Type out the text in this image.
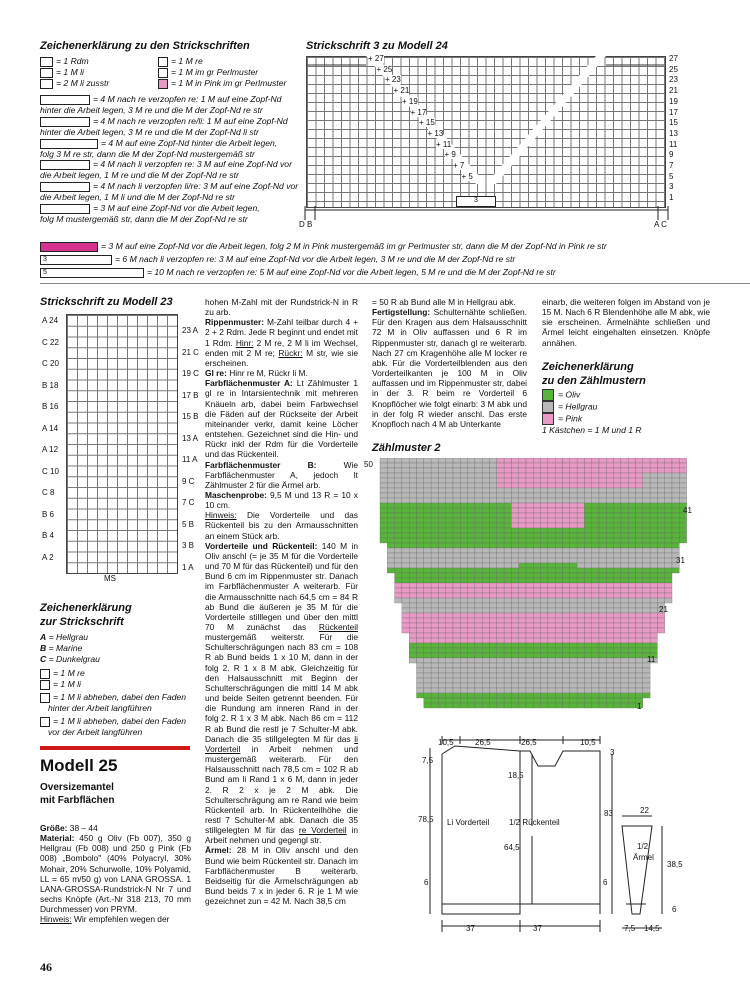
Zeichenerklärung zu den Strickschriften
= 1 Rdm
= 1 M li
= 2 M li zusstr
= 1 M re
= 1 M im gr Perlmuster
= 1 M in Pink im gr Perlmuster
= 4 M nach re verzopfen re: 1 M auf eine Zopf-Nd
hinter die Arbeit legen, 3 M re und die M der Zopf-Nd re str
= 4 M nach re verzopfen re/li: 1 M auf eine Zopf-Nd
hinter die Arbeit legen, 3 M re und die M der Zopf-Nd li str
= 4 M auf eine Zopf-Nd hinter die Arbeit legen,
folg 3 M re str, dann die M der Zopf-Nd mustergemäß str
= 4 M nach li verzopfen re: 3 M auf eine Zopf-Nd vor
die Arbeit legen, 1 M re und die M der Zopf-Nd re str
= 4 M nach li verzopfen li/re: 3 M auf eine Zopf-Nd vor
die Arbeit legen, 1 M li und die M der Zopf-Nd re str
= 3 M auf eine Zopf-Nd vor die Arbeit legen,
folg M mustergemäß str, dann die M der Zopf-Nd re str
= 3 M auf eine Zopf-Nd vor die Arbeit legen, folg 2 M in Pink mustergemäß im gr Perlmuster str, dann die M der Zopf-Nd in Pink re str
3	= 6 M nach li verzopfen re: 3 M auf eine Zopf-Nd vor die Arbeit legen, 3 M re und die M der Zopf-Nd re str
5	= 10 M nach re verzopfen re: 5 M auf eine Zopf-Nd vor die Arbeit legen, 5 M re und die M der Zopf-Nd re str
Strickschrift 3 zu Modell 24
+ 27
+ 25
+ 23
+ 21
+ 19
+ 17
+ 15
+ 13
+ 11
+ 9
+ 7
+ 5
3
27
25
23
21
19
17
15
13
11
9
7
5
3
1
D B	A C
Strickschrift zu Modell 23
A 24
C 22
C 20
B 18
B 16
A 14
A 12
C 10
C 8
B 6
B 4
A 2
23 A
21 C
19 C
17 B
15 B
13 A
11 A
9 C
7 C
5 B
3 B
1 A
MS
Zeichenerklärung
zur Strickschrift
A = Hellgrau
B = Marine
C = Dunkelgrau
= 1 M re
= 1 M li
= 1 M li abheben, dabei den Faden
hinter der Arbeit langführen
= 1 M li abheben, dabei den Faden
vor der Arbeit langführen
Modell 25
Oversizemantel
mit Farbflächen
Größe: 38 – 44
Material: 450 g Oliv (Fb 007), 350 g Hellgrau (Fb 008) und 250 g Pink (Fb 008) „Bombolo" (40% Polyacryl, 30% Mohair, 20% Schurwolle, 10% Polyamid, LL = 65 m/50 g) von LANA GROSSA. 1 LANA-GROSSA-Rundstrick-N Nr 7 und sechs Knöpfe (Art.-Nr 318 213, 70 mm Durchmesser) von PRYM.
Hinweis: Wir empfehlen wegen der
hohen M-Zahl mit der Rundstrick-N in R zu arb.
Rippenmuster: M-Zahl teilbar durch 4 + 2 + 2 Rdm. Jede R beginnt und endet mit 1 Rdm. Hinr: 2 M re, 2 M li im Wechsel, enden mit 2 M re; Rückr: M str, wie sie erscheinen.
Gl re: Hinr re M, Rückr li M.
Farbflächenmuster A: Lt Zählmuster 1 gl re in Intarsientechnik mit mehreren Knäueln arb, dabei beim Farbwechsel die Fäden auf der Rückseite der Arbeit miteinander verkr, damit keine Löcher entstehen. Gezeichnet sind die Hin- und Rückr inkl der Rdm für die Vorderteile und das Rückenteil.
Farbflächenmuster B: Wie Farbflächenmuster A, jedoch lt Zählmuster 2 für die Ärmel arb.
Maschenprobe: 9,5 M und 13 R = 10 x 10 cm.
Hinweis: Die Vorderteile und das Rückenteil bis zu den Armausschnitten an einem Stück arb.
Vorderteile und Rückenteil: 140 M in Oliv anschl (= je 35 M für die Vorderteile und 70 M für das Rückenteil) und für den Bund 6 cm im Rippenmuster str. Danach im Farbflächenmuster A weiterarb. Für die Armausschnitte nach 64,5 cm = 84 R ab Bund die äußeren je 35 M für die Vorderteile stilllegen und über den mittl 70 M zunächst das Rückenteil mustergemäß weiterstr. Für die Schulterschrägungen nach 83 cm = 108 R ab Bund beids 1 x 10 M, dann in der folg 2. R 1 x 8 M abk. Gleichzeitig für den Halsausschnitt mit Beginn der Schulterschrägungen die mittl 14 M abk und beide Seiten getrennt beenden. Für die Rundung am inneren Rand in der folg 2. R 1 x 3 M abk. Nach 86 cm = 112 R ab Bund die restl je 7 Schulter-M abk. Danach die 35 stillgelegten M für das li Vorderteil in Arbeit nehmen und mustergemäß weiterarb. Für den Halsausschnitt nach 78,5 cm = 102 R ab Bund am li Rand 1 x 6 M, dann in jeder 2. R 2 x je 2 M abk. Die Schulterschrägung am re Rand wie beim Rückenteil arb. In Rückenteilhöhe die restl 7 Schulter-M abk. Danach die 35 stillgelegten M für das re Vorderteil in Arbeit nehmen und gegengl str.
Ärmel: 28 M in Oliv anschl und den Bund wie beim Rückenteil str. Danach im Farbflächenmuster B weiterarb. Beidseitig für die Ärmelschrägungen ab Bund beids 7 x in jeder 6. R je 1 M wie gezeichnet zun = 42 M. Nach 38,5 cm
= 50 R ab Bund alle M in Hellgrau abk.
Fertigstellung: Schulternähte schließen. Für den Kragen aus dem Halsausschnitt 72 M in Oliv auffassen und 6 R im Rippenmuster str, danach gl re weiterarb. Nach 27 cm Kragenhöhe alle M locker re abk. Für die Vorderteilblenden aus den Vorderteilkanten je 100 M in Oliv auffassen und im Rippenmuster str, dabei in der 3. R beim re Vorderteil 6 Knopflöcher wie folgt einarb: 3 M abk und in der folg R wieder anschl. Das erste Knopfloch nach 4 M ab Unterkante
einarb, die weiteren folgen im Abstand von je 15 M. Nach 6 R Blendenhöhe alle M abk, wie sie erscheinen. Ärmelnähte schließen und Ärmel leicht eingehalten einsetzen. Knöpfe annähen.
Zeichenerklärung
zu den Zählmustern
= Oliv
= Hellgrau
= Pink
1 Kästchen = 1 M und 1 R
Zählmuster 2
50
41
31
21
11
1
10,5	26,5	26,5	10,5
3
7,5
18,5
78,5
83
Li Vorderteil 1/2 Rückenteil
64,5
6	6
37	37
22
1/2
Ärmel
38,5
6
7,5 14,5
46
